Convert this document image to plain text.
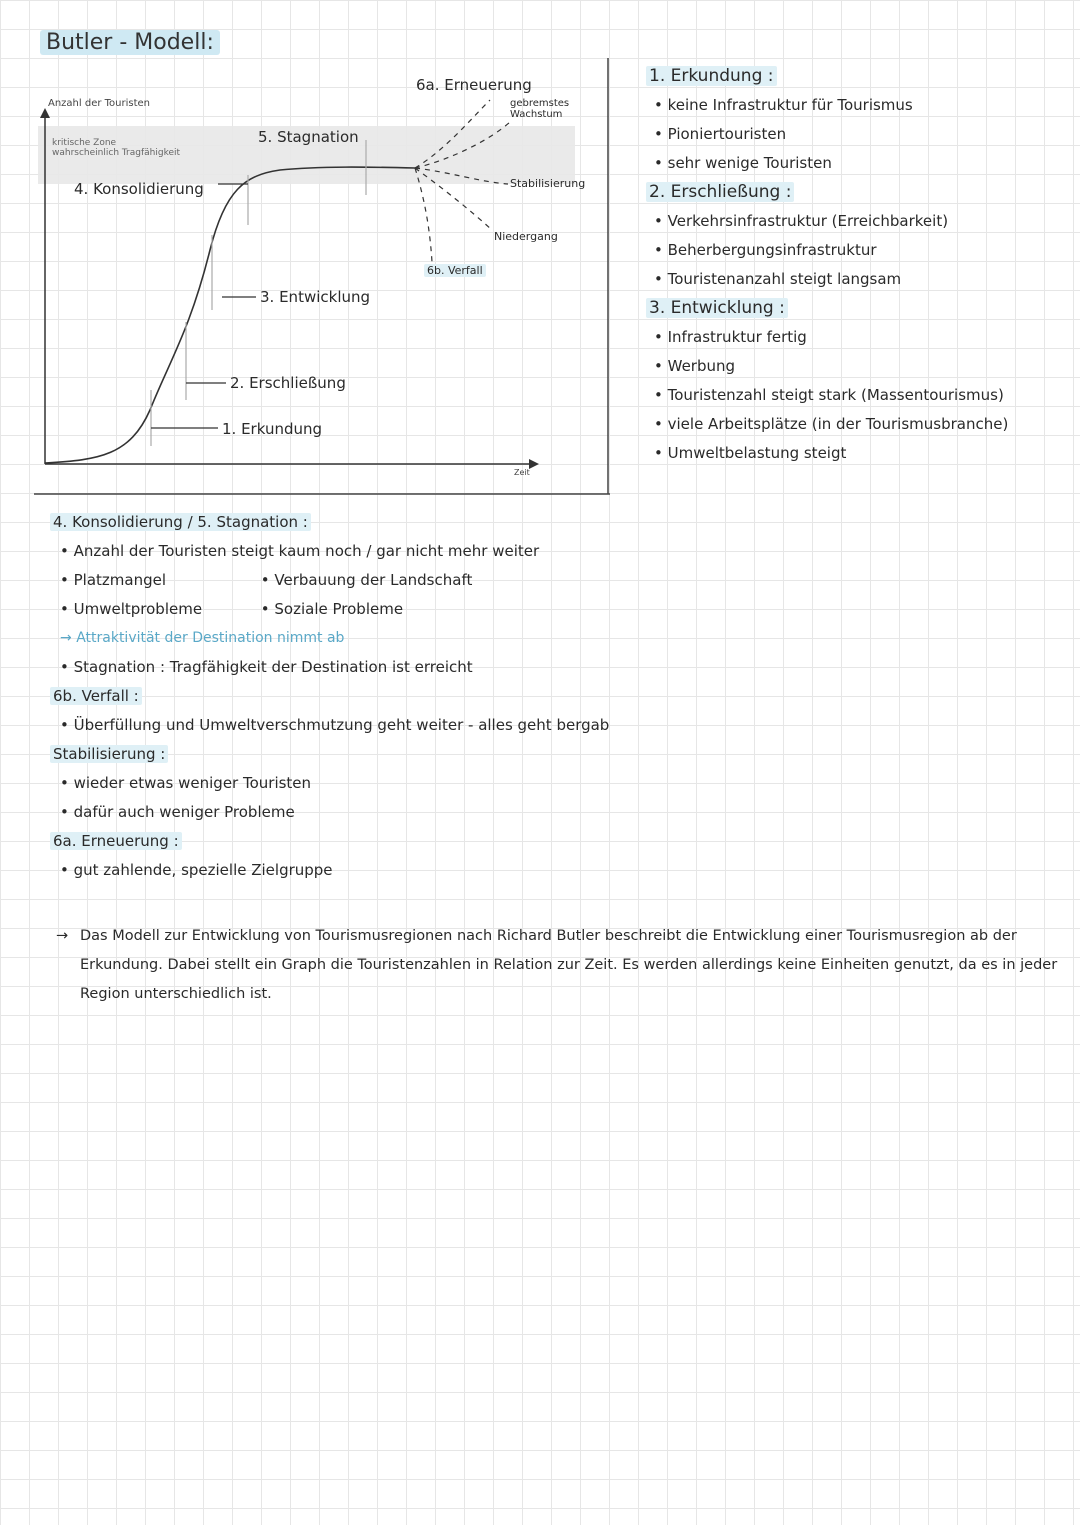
Butler - Modell:
Anzahl der Touristen
kritische Zone
wahrscheinlich Tragfähigkeit
Zeit
1. Erkundung
2. Erschließung
3. Entwicklung
4. Konsolidierung
5. Stagnation
6a. Erneuerung
gebremstes Wachstum
Stabilisierung
Niedergang
6b. Verfall
1. Erkundung :
• keine Infrastruktur für Tourismus
• Pioniertouristen
• sehr wenige Touristen
2. Erschließung :
• Verkehrsinfrastruktur (Erreichbarkeit)
• Beherbergungsinfrastruktur
• Touristenanzahl steigt langsam
3. Entwicklung :
• Infrastruktur fertig
• Werbung
• Touristenzahl steigt stark (Massentourismus)
• viele Arbeitsplätze (in der Tourismusbranche)
• Umweltbelastung steigt
4. Konsolidierung / 5. Stagnation :
• Anzahl der Touristen steigt kaum noch / gar nicht mehr weiter
• Platzmangel	• Verbauung der Landschaft
• Umweltprobleme	• Soziale Probleme
→ Attraktivität der Destination nimmt ab
• Stagnation : Tragfähigkeit der Destination ist erreicht
6b. Verfall :
• Überfüllung und Umweltverschmutzung geht weiter - alles geht bergab
Stabilisierung :
• wieder etwas weniger Touristen
• dafür auch weniger Probleme
6a. Erneuerung :
• gut zahlende, spezielle Zielgruppe
→ Das Modell zur Entwicklung von Tourismusregionen nach Richard Butler beschreibt die Entwicklung einer Tourismusregion ab der Erkundung. Dabei stellt ein Graph die Touristenzahlen in Relation zur Zeit. Es werden allerdings keine Einheiten genutzt, da es in jeder Region unterschiedlich ist.
